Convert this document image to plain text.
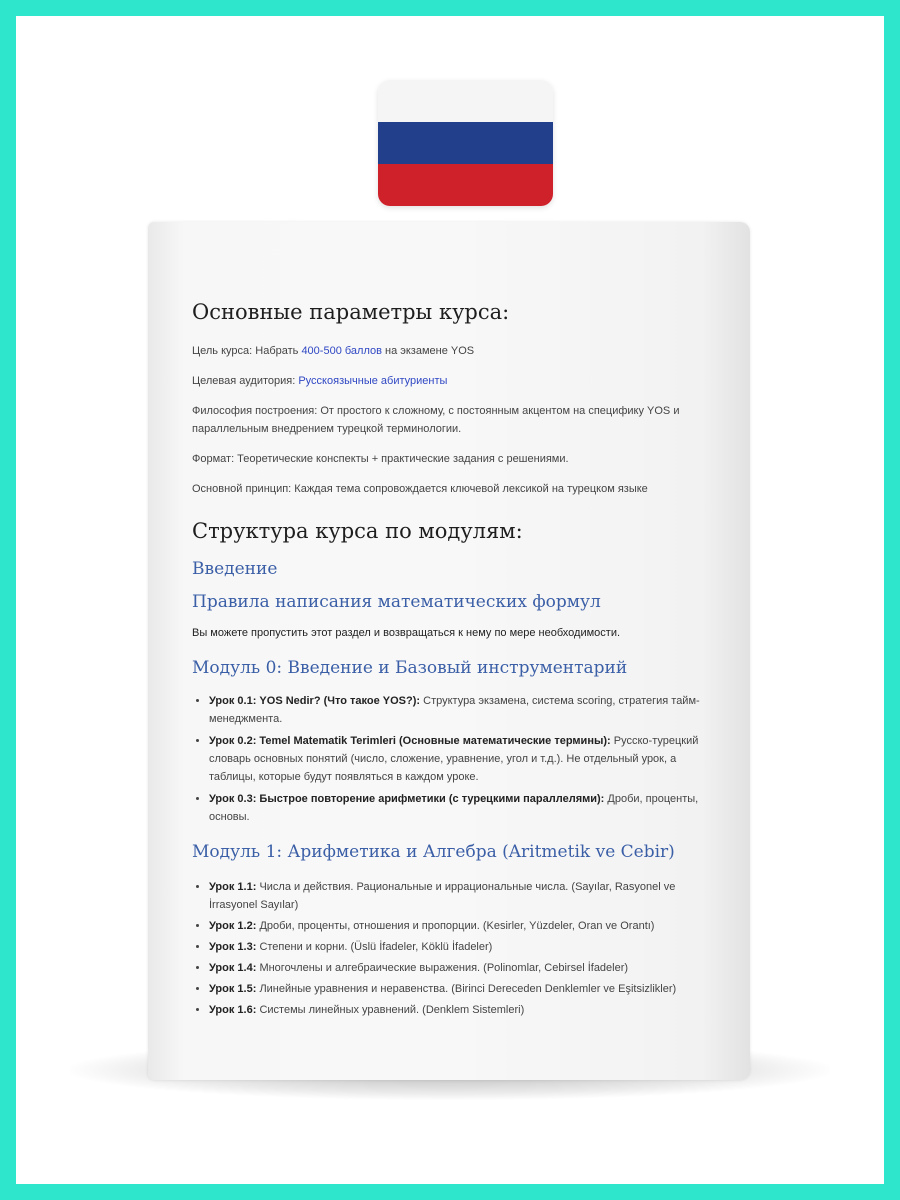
Основные параметры курса:

Цель курса: Набрать 400-500 баллов на экзамене YOS

Целевая аудитория: Русскоязычные абитуриенты

Философия построения: От простого к сложному, с постоянным акцентом на специфику YOS и параллельным внедрением турецкой терминологии.

Формат: Теоретические конспекты + практические задания с решениями.

Основной принцип: Каждая тема сопровождается ключевой лексикой на турецком языке

Структура курса по модулям:
Введение
Правила написания математических формул

Вы можете пропустить этот раздел и возвращаться к нему по мере необходимости.

Модуль 0: Введение и Базовый инструментарий
• Урок 0.1: YOS Nedir? (Что такое YOS?): Структура экзамена, система scoring, стратегия тайм-менеджмента.
• Урок 0.2: Temel Matematik Terimleri (Основные математические термины): Русско-турецкий словарь основных понятий (число, сложение, уравнение, угол и т.д.). Не отдельный урок, а таблицы, которые будут появляться в каждом уроке.
• Урок 0.3: Быстрое повторение арифметики (с турецкими параллелями): Дроби, проценты, основы.
Модуль 1: Арифметика и Алгебра (Aritmetik ve Cebir)
• Урок 1.1: Числа и действия. Рациональные и иррациональные числа. (Sayılar, Rasyonel ve İrrasyonel Sayılar)
• Урок 1.2: Дроби, проценты, отношения и пропорции. (Kesirler, Yüzdeler, Oran ve Orantı)
• Урок 1.3: Степени и корни. (Üslü İfadeler, Köklü İfadeler)
• Урок 1.4: Многочлены и алгебраические выражения. (Polinomlar, Cebirsel İfadeler)
• Урок 1.5: Линейные уравнения и неравенства. (Birinci Dereceden Denklemler ve Eşitsizlikler)
• Урок 1.6: Системы линейных уравнений. (Denklem Sistemleri)
